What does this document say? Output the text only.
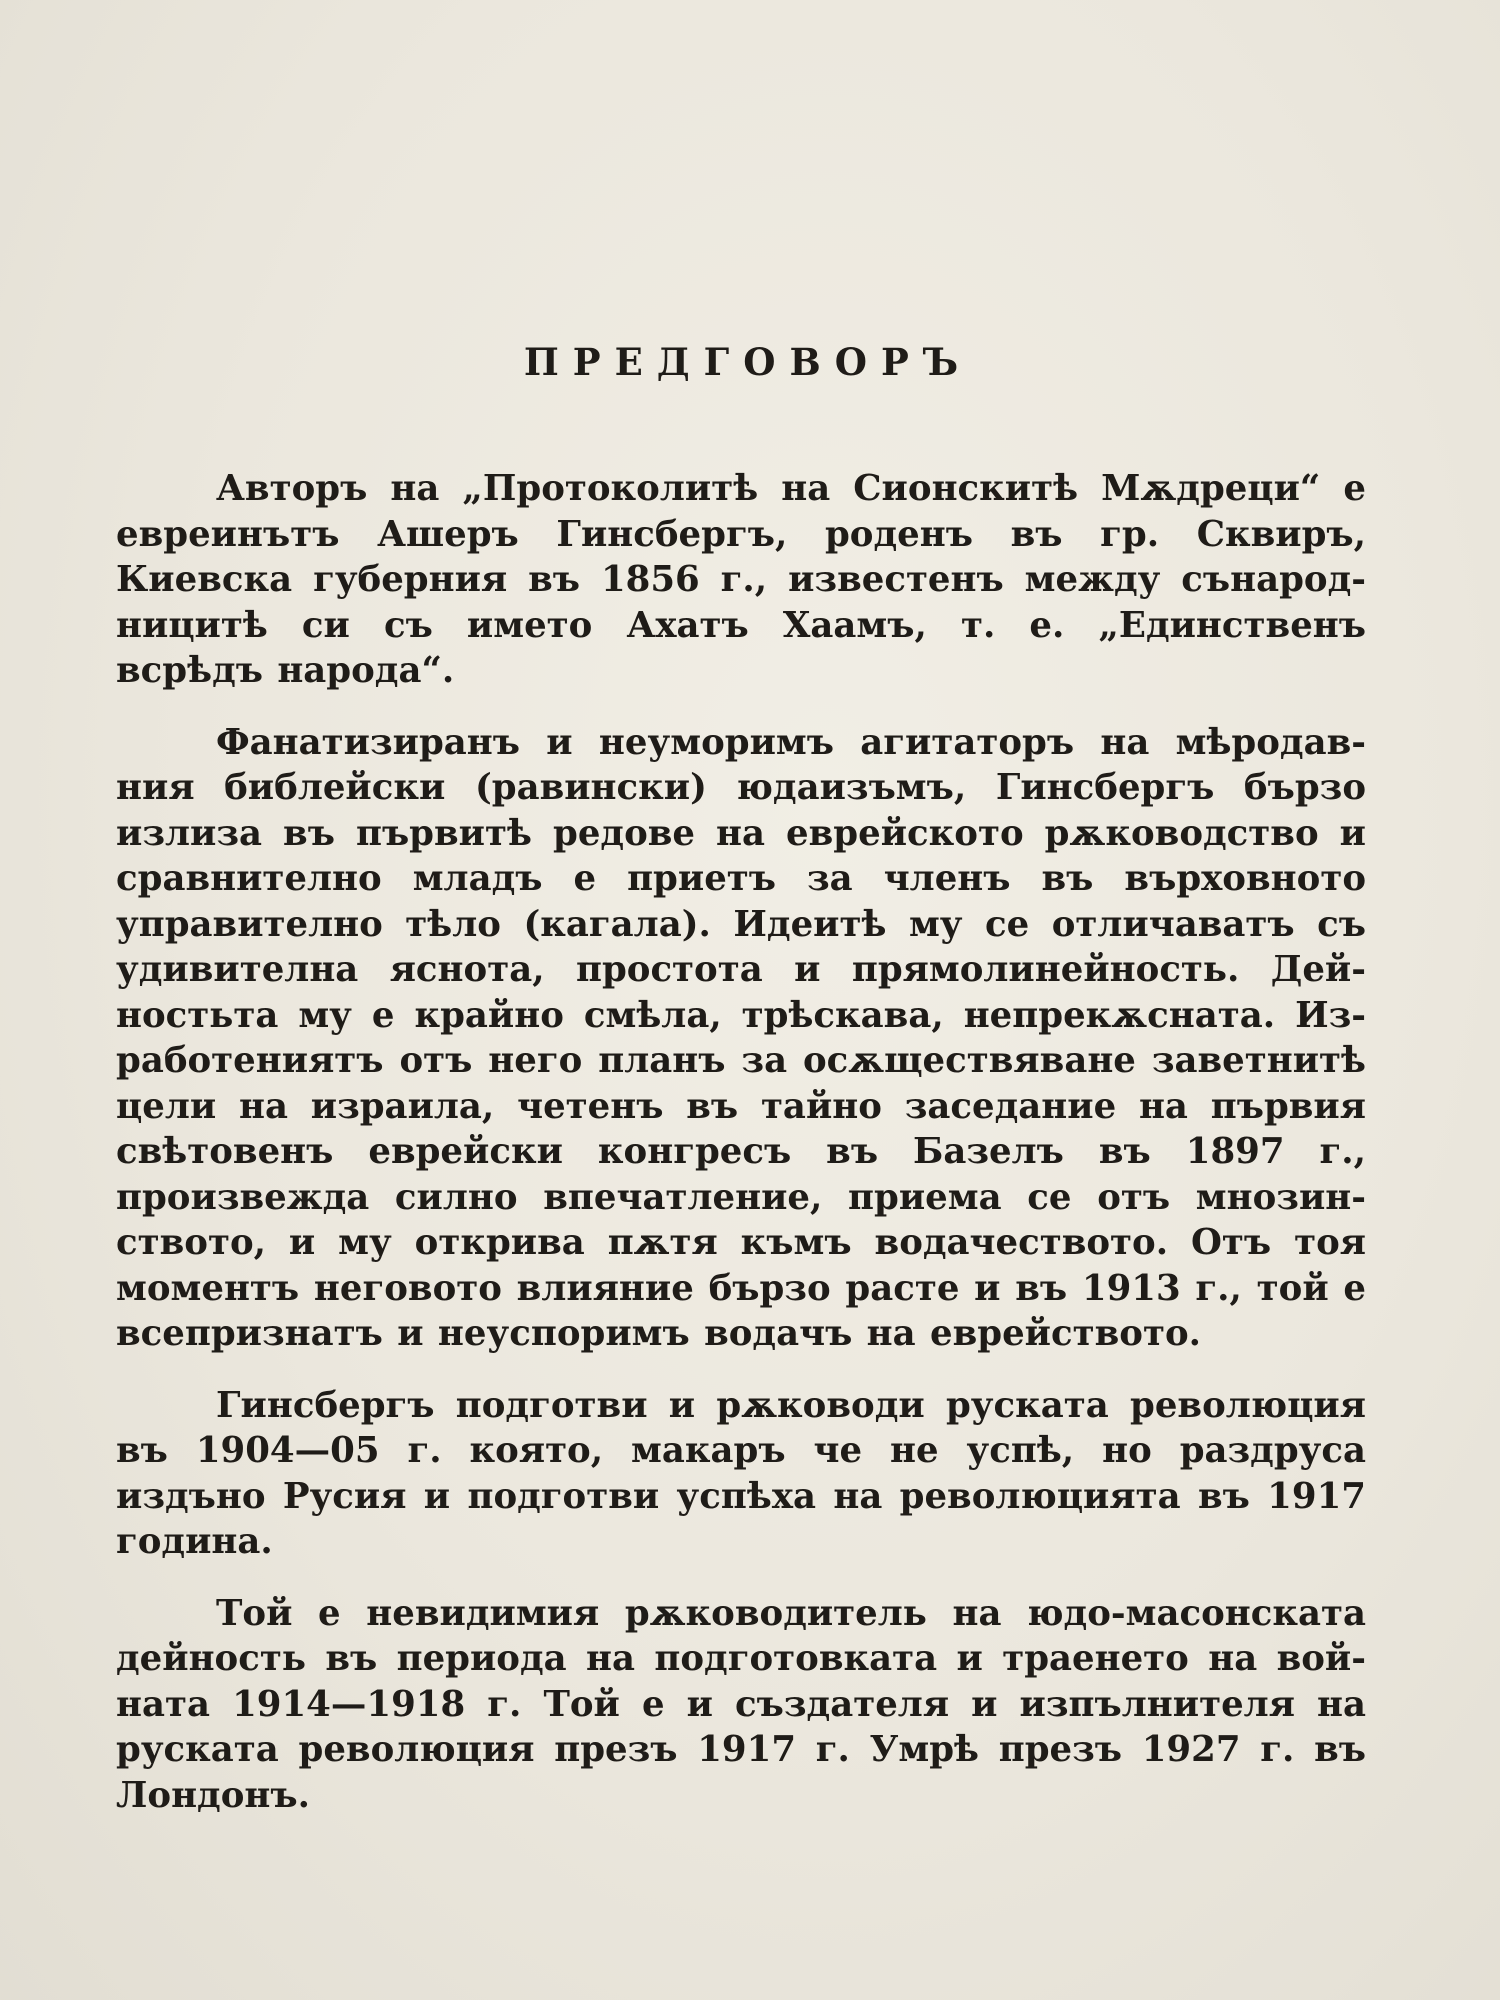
ПРЕДГОВОРЪ

Авторъ на „Протоколитѣ на Сионскитѣ Мѫдреци“ е евреинътъ Ашеръ Гинсбергъ, роденъ въ гр. Сквиръ, Киевска губерния въ 1856 г., известенъ между сънародницитѣ си съ името Ахатъ Хаамъ, т. е. „Единственъ всрѣдъ народа“.

Фанатизиранъ и неуморимъ агитаторъ на мѣродавния библейски (равински) юдаизъмъ, Гинсбергъ бързо излиза въ първитѣ редове на еврейското рѫководство и сравнително младъ е приетъ за членъ въ върховното управително тѣло (кагала). Идеитѣ му се отличаватъ съ удивителна яснота, простота и прямолинейность. Дейностьта му е крайно смѣла, трѣскава, непрекѫсната. Изработениятъ отъ него планъ за осѫществяване заветнитѣ цели на израила, четенъ въ тайно заседание на първия свѣтовенъ еврейски конгресъ въ Базелъ въ 1897 г., произвежда силно впечатление, приема се отъ мнозинството, и му открива пѫтя къмъ водачеството. Отъ тоя моментъ неговото влияние бързо расте и въ 1913 г., той е всепризнатъ и неуспоримъ водачъ на еврейството.

Гинсбергъ подготви и рѫководи руската революция въ 1904—05 г. която, макаръ че не успѣ, но раздруса издъно Русия и подготви успѣха на революцията въ 1917 година.

Той е невидимия рѫководитель на юдо-масонската дейность въ периода на подготовката и траенето на войната 1914—1918 г. Той е и създателя и изпълнителя на руската революция презъ 1917 г. Умрѣ презъ 1927 г. въ Лондонъ.
